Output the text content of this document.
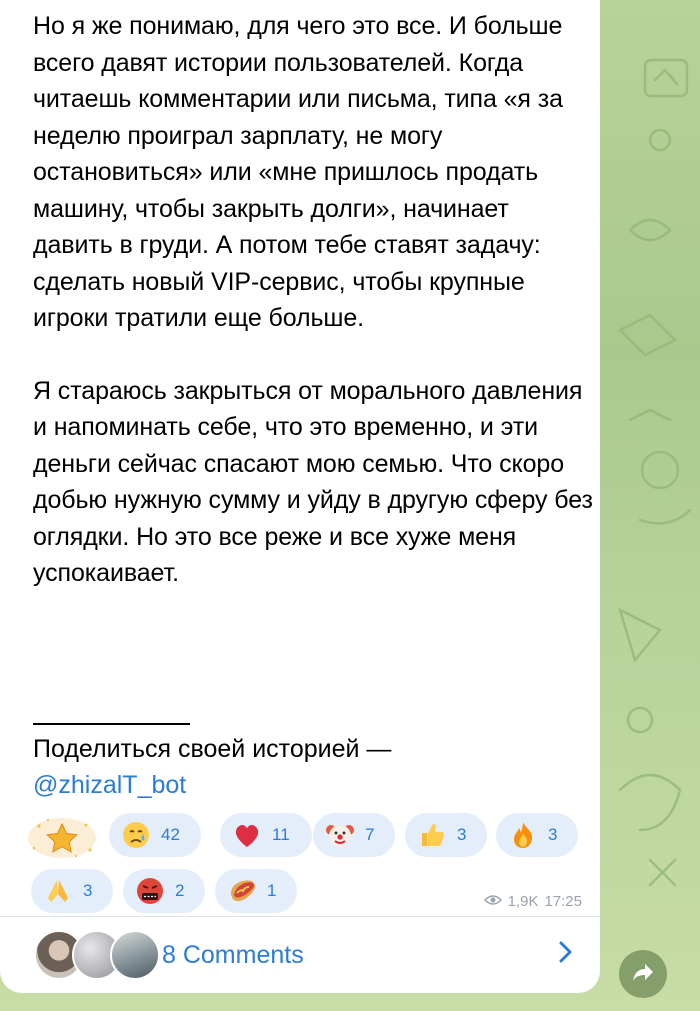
Но я же понимаю, для чего это все. И больше всего давят истории пользователей. Когда читаешь комментарии или письма, типа «я за неделю проиграл зарплату, не могу остановиться» или «мне пришлось продать машину, чтобы закрыть долги», начинает давить в груди. А потом тебе ставят задачу: сделать новый VIP-сервис, чтобы крупные игроки тратили еще больше.

Я стараюсь закрыться от морального давления и напоминать себе, что это временно, и эти деньги сейчас спасают мою семью. Что скоро добью нужную сумму и уйду в другую сферу без оглядки. Но это все реже и все хуже меня успокаивает.

Поделиться своей историей —
@zhizalT_bot
42	11	7	3	3
3	2	1
1,9K 17:25
8 Comments
